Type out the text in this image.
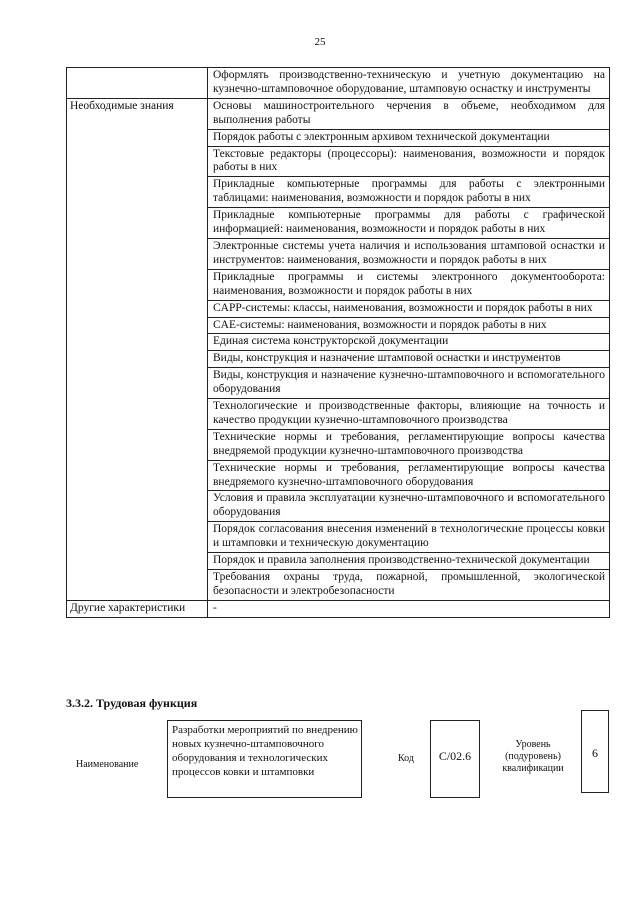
25
	Оформлять производственно-техническую и учетную документацию на кузнечно-штамповочное оборудование, штамповую оснастку и инструменты
Необходимые знания	Основы машиностроительного черчения в объеме, необходимом для выполнения работы
	Порядок работы с электронным архивом технической документации
	Текстовые редакторы (процессоры): наименования, возможности и порядок работы в них
	Прикладные компьютерные программы для работы с электронными таблицами: наименования, возможности и порядок работы в них
	Прикладные компьютерные программы для работы с графической информацией: наименования, возможности и порядок работы в них
	Электронные системы учета наличия и использования штамповой оснастки и инструментов: наименования, возможности и порядок работы в них
	Прикладные программы и системы электронного документооборота: наименования, возможности и порядок работы в них
	CAPP-системы: классы, наименования, возможности и порядок работы в них
	CAE-системы: наименования, возможности и порядок работы в них
	Единая система конструкторской документации
	Виды, конструкция и назначение штамповой оснастки и инструментов
	Виды, конструкция и назначение кузнечно-штамповочного и вспомогательного оборудования
	Технологические и производственные факторы, влияющие на точность и качество продукции кузнечно-штамповочного производства
	Технические нормы и требования, регламентирующие вопросы качества внедряемой продукции кузнечно-штамповочного производства
	Технические нормы и требования, регламентирующие вопросы качества внедряемого кузнечно-штамповочного оборудования
	Условия и правила эксплуатации кузнечно-штамповочного и вспомогательного оборудования
	Порядок согласования внесения изменений в технологические процессы ковки и штамповки и техническую документацию
	Порядок и правила заполнения производственно-технической документации
	Требования охраны труда, пожарной, промышленной, экологической безопасности и электробезопасности
Другие характеристики	-
3.3.2. Трудовая функция
Наименование
Разработки мероприятий по внедрению новых кузнечно-штамповочного оборудования и технологических процессов ковки и штамповки
Код	C/02.6
Уровень (подуровень) квалификации
6
